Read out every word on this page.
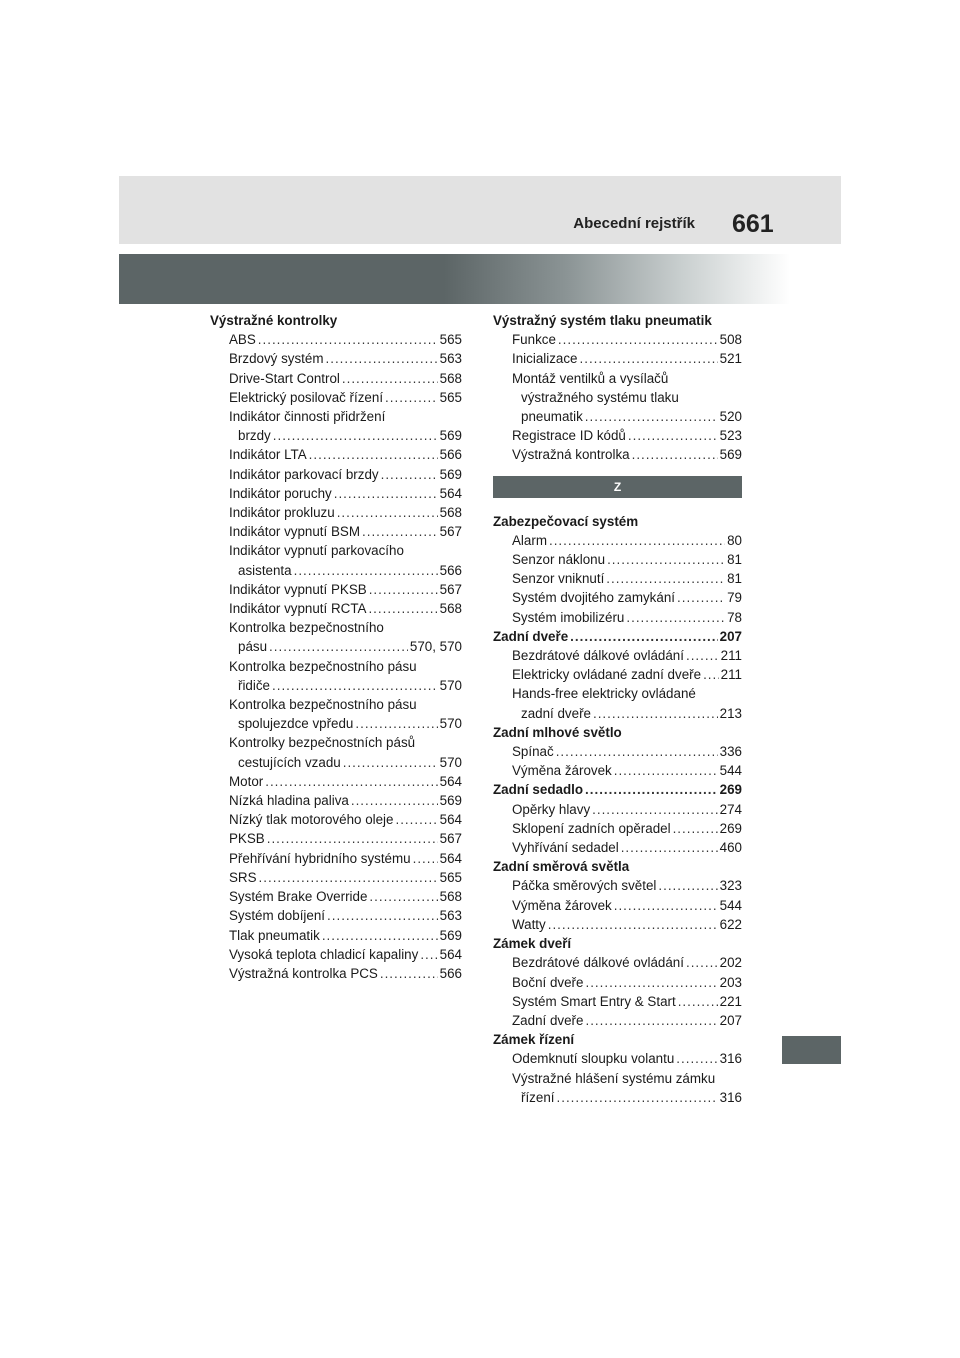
Abecední rejstřík 661
Výstražné kontrolky
ABS .....	565
Brzdový systém .....	563
Drive-Start Control .....	568
Elektrický posilovač řízení .....	565
Indikátor činnosti přidržení
brzdy .....	569
Indikátor LTA .....	566
Indikátor parkovací brzdy .....	569
Indikátor poruchy .....	564
Indikátor prokluzu .....	568
Indikátor vypnutí BSM .....	567
Indikátor vypnutí parkovacího
asistenta .....	566
Indikátor vypnutí PKSB .....	567
Indikátor vypnutí RCTA .....	568
Kontrolka bezpečnostního
pásu .....	570, 570
Kontrolka bezpečnostního pásu
řidiče .....	570
Kontrolka bezpečnostního pásu
spolujezdce vpředu .....	570
Kontrolky bezpečnostních pásů
cestujících vzadu .....	570
Motor .....	564
Nízká hladina paliva .....	569
Nízký tlak motorového oleje .....	564
PKSB .....	567
Přehřívání hybridního systému ..... 564
SRS .....	565
Systém Brake Override .....	568
Systém dobíjení .....	563
Tlak pneumatik .....	569
Vysoká teplota chladicí kapaliny ..... 564
Výstražná kontrolka PCS .....	566
Výstražný systém tlaku pneumatik
Funkce .....	508
Inicializace .....	521
Montáž ventilků a vysílačů
výstražného systému tlaku
pneumatik .....	520
Registrace ID kódů .....	523
Výstražná kontrolka .....	569
Z
Zabezpečovací systém
Alarm .....	80
Senzor náklonu .....	81
Senzor vniknutí .....	81
Systém dvojitého zamykání .....	79
Systém imobilizéru .....	78
Zadní dveře .....	207
Bezdrátové dálkové ovládání .....	211
Elektricky ovládané zadní dveře ..... 211
Hands-free elektricky ovládané
zadní dveře .....	213
Zadní mlhové světlo
Spínač .....	336
Výměna žárovek .....	544
Zadní sedadlo .....	269
Opěrky hlavy .....	274
Sklopení zadních opěradel .....	269
Vyhřívání sedadel .....	460
Zadní směrová světla
Páčka směrových světel .....	323
Výměna žárovek .....	544
Watty .....	622
Zámek dveří
Bezdrátové dálkové ovládání .....	202
Boční dveře .....	203
Systém Smart Entry & Start .....	221
Zadní dveře .....	207
Zámek řízení
Odemknutí sloupku volantu .....	316
Výstražné hlášení systému zámku
řízení .....	316
